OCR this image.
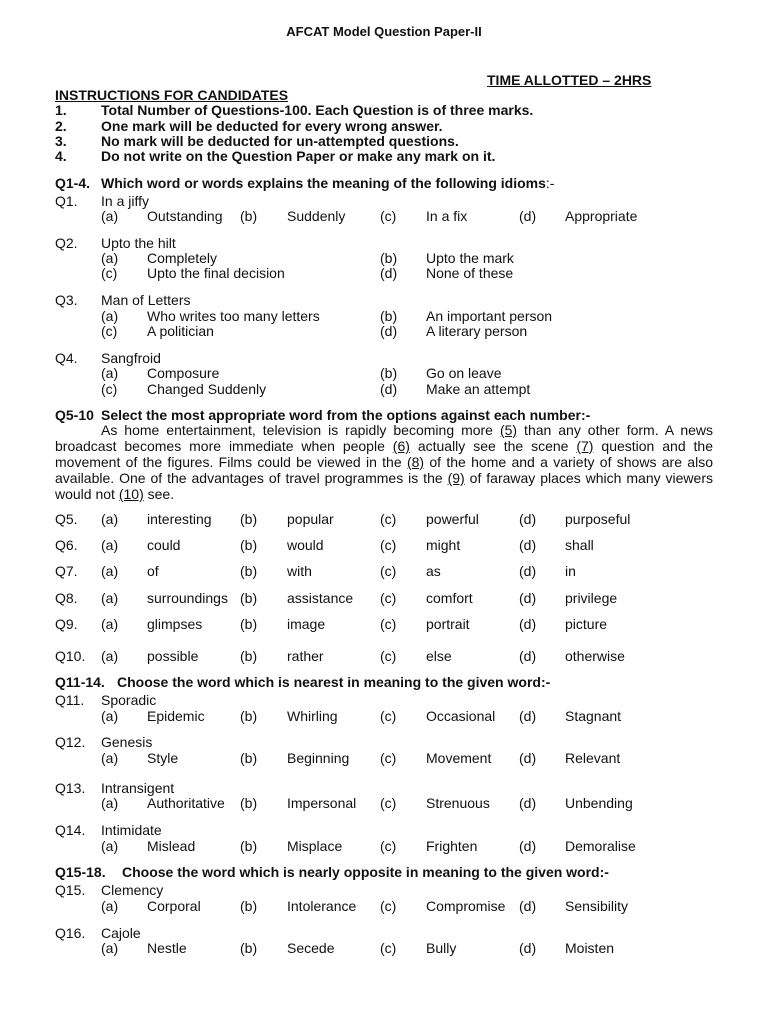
AFCAT Model Question Paper-II
TIME ALLOTTED – 2HRS
INSTRUCTIONS FOR CANDIDATES
1. Total Number of Questions-100. Each Question is of three marks.
2. One mark will be deducted for every wrong answer.
3. No mark will be deducted for un-attempted questions.
4. Do not write on the Question Paper or make any mark on it.
Q1-4. Which word or words explains the meaning of the following idioms:-
Q1. In a jiffy
(a) Outstanding (b) Suddenly (c) In a fix	(d) Appropriate
Q2. Upto the hilt
(a) Completely	(b) Upto the mark
(c) Upto the final decision	(d) None of these
Q3. Man of Letters
(a) Who writes too many letters	(b) An important person
(c) A politician	(d) A literary person
Q4. Sangfroid
(a) Composure	(b) Go on leave
(c) Changed Suddenly	(d) Make an attempt
Q5-10 Select the most appropriate word from the options against each number:-
As home entertainment, television is rapidly becoming more (5) than any other form. A news broadcast becomes more immediate when people (6) actually see the scene (7) question and the movement of the figures. Films could be viewed in the (8) of the home and a variety of shows are also available. One of the advantages of travel programmes is the (9) of faraway places which many viewers would not (10) see.
Q5. (a) interesting (b) popular	(c) powerful	(d) purposeful
Q6. (a) could	(b) would	(c) might	(d) shall
Q7. (a) of	(b) with	(c) as	(d) in
Q8. (a) surroundings (b) assistance (c) comfort	(d) privilege
Q9. (a) glimpses	(b) image	(c) portrait	(d) picture
Q10. (a) possible	(b) rather	(c) else	(d) otherwise
Q11-14. Choose the word which is nearest in meaning to the given word:-
Q11. Sporadic
(a) Epidemic	(b) Whirling	(c) Occasional (d) Stagnant
Q12. Genesis
(a) Style	(b) Beginning (c) Movement (d) Relevant
Q13. Intransigent
(a) Authoritative (b) Impersonal (c) Strenuous (d) Unbending
Q14. Intimidate
(a) Mislead	(b) Misplace	(c) Frighten	(d) Demoralise
Q15-18. Choose the word which is nearly opposite in meaning to the given word:-
Q15. Clemency
(a) Corporal	(b) Intolerance (c) Compromise (d) Sensibility
Q16. Cajole
(a) Nestle	(b) Secede	(c) Bully	(d) Moisten
